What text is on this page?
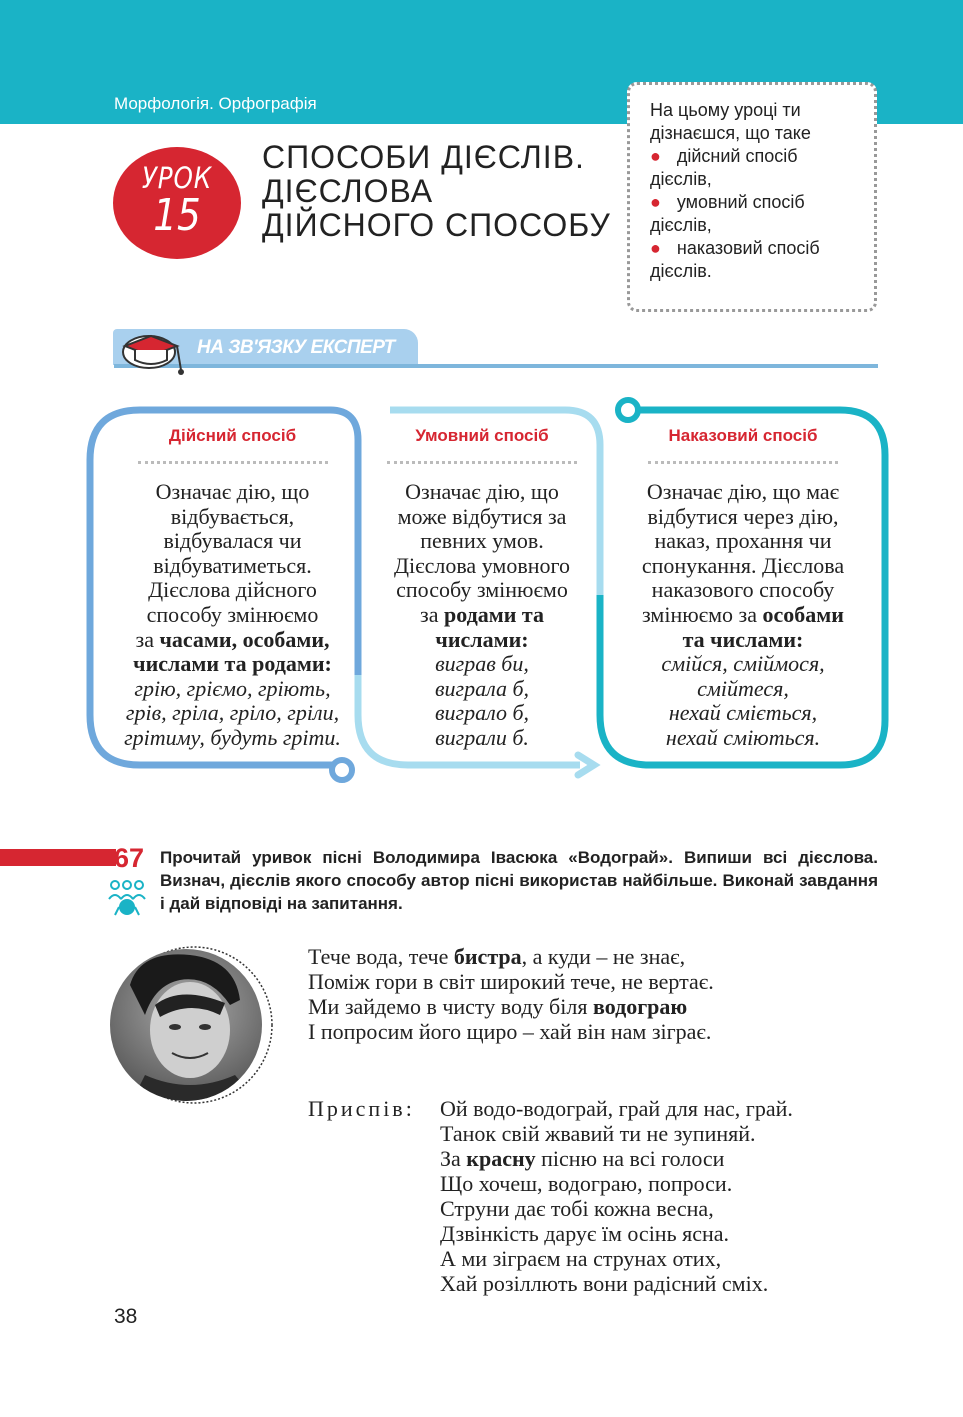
Морфологія. Орфографія
УРОК
15
СПОСОБИ ДІЄСЛІВ.
ДІЄСЛОВА
ДІЙСНОГО СПОСОБУ
На цьому уроці ти
дізнаєшся, що таке
● дійсний спосіб
дієслів,
● умовний спосіб
дієслів,
● наказовий спосіб
дієслів.
НА ЗВ'ЯЗКУ ЕКСПЕРТ
Дійсний спосіб
Означає дію, що
відбувається,
відбувалася чи
відбуватиметься.
Дієслова дійсного
способу змінюємо
за часами, особами,
числами та родами:
грію, гріємо, гріють,
грів, гріла, гріло, гріли,
грітиму, будуть гріти.
Умовний спосіб
Означає дію, що
може відбутися за
певних умов.
Дієслова умовного
способу змінюємо
за родами та
числами:
виграв би,
виграла б,
виграло б,
виграли б.
Наказовий спосіб
Означає дію, що має
відбутися через дію,
наказ, прохання чи
спонукання. Дієслова
наказового способу
змінюємо за особами
та числами:
смійся, сміймося,
смійтеся,
нехай сміється,
нехай сміються.
67 Прочитай уривок пісні Володимира Івасюка «Водограй». Випиши всі дієслова. Визнач, дієслів якого способу автор пісні використав найбільше. Виконай завдання і дай відповіді на запитання.
Тече вода, тече бистра, а куди – не знає,
Поміж гори в світ широкий тече, не вертає.
Ми зайдемо в чисту воду біля водограю
І попросим його щиро – хай він нам зіграє.
Приспів: Ой водо-водограй, грай для нас, грай.
Танок свій жвавий ти не зупиняй.
За красну пісню на всі голоси
Що хочеш, водограю, попроси.
Струни дає тобі кожна весна,
Дзвінкість дарує їм осінь ясна.
А ми зіграєм на струнах отих,
Хай розіллють вони радісний сміх.
38
